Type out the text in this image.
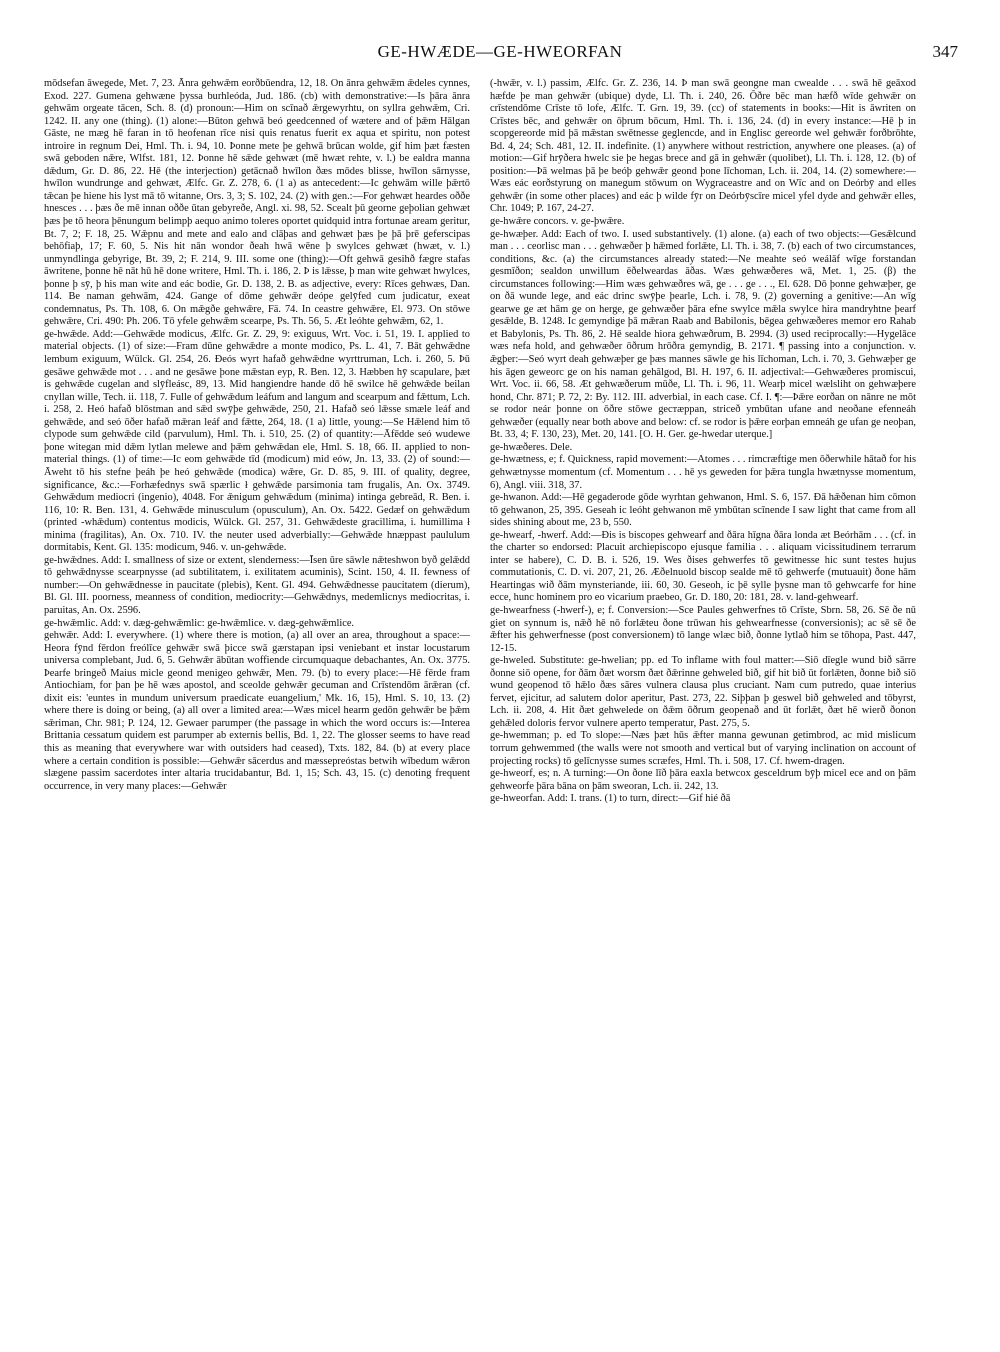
GE-HWÆDE—GE-HWEORFAN	347

mōdsefan āwegede, Met. 7, 23. Ānra gehwǣm eorðbūendra, 12, 18. On ānra gehwǣm ǣdeles cynnes, Exod. 227. Gumena gehwæne þyssa burhleóda, Jud. 186. (cb) with demonstrative:—Is þāra ānra gehwām orgeate tācen, Sch. 8. (d) pronoun:—Him on scīnað ǣrgewyrhtu, on syllra gehwǣm, Cri. 1242. II. any one (thing). (1) alone:—Būton gehwā beó geedcenned of wætere and of þǣm Hālgan Gāste, ne mæg hē faran in tō heofenan rīce nisi quis renatus fuerit ex aqua et spiritu, non potest introire in regnum Dei, Hml. Th. i. 94, 10. Þonne mete þe gehwā brūcan wolde, gif him þæt fæsten swā geboden nǣre, Wlfst. 181, 12. Þonne hē sǣde gehwæt (mē hwæt rehte, v. l.) be ealdra manna dǣdum, Gr. D. 86, 22. Hē (the interjection) getācnað hwīlon ðæs mōdes blisse, hwīlon sārnysse, hwīlon wundrunge and gehwæt, Ælfc. Gr. Z. 278, 6. (1 a) as antecedent:—Ic gehwām wille þǣrtō tǣcan þe hiene his lyst mā tō witanne, Ors. 3, 3; S. 102, 24. (2) with gen.:—For gehwæt heardes oððe hnesces . . . þæs ðe mē innan oððe ūtan gebyreðe, Angl. xi. 98, 52. Scealt þū georne geþolian gehwæt þæs þe tō heora þēnungum belimpþ aequo animo toleres oportet quidquid intra fortunae aream geritur, Bt. 7, 2; F. 18, 25. Wǣpnu and mete and ealo and clāþas and gehwæt þæs þe þā þrē geferscipas behōfiaþ, 17; F. 60, 5. Nis hit nān wondor ðeah hwā wēne þ swylces gehwæt (hwæt, v. l.) unmyndlinga gebyrige, Bt. 39, 2; F. 214, 9. III. some one (thing):—Oft gehwā gesihð fægre stafas āwritene, þonne hē nāt hū hē done writere, Hml. Th. i. 186, 2. Þ is lǣsse, þ man wite gehwæt hwylces, þonne þ sȳ, þ his man wite and eác bodie, Gr. D. 138, 2. B. as adjective, every: Rīces gehwæs, Dan. 114. Be naman gehwām, 424. Gange of dōme gehwǣr deópe gelȳfed cum judicatur, exeat condemnatus, Ps. Th. 108, 6. On mǣgðe gehwǣre, Fä. 74. In ceastre gehwǣre, El. 973. On stōwe gehwǣre, Cri. 490: Ph. 206. Tō yfele gehwǣm scearpe, Ps. Th. 56, 5. Æt leóhte gehwǣm, 62, 1.

ge-hwǣde. Add:—Gehwǣde modicus, Ælfc. Gr. Z. 29, 9: exiguus, Wrt. Voc. i. 51, 19. I. applied to material objects. (1) of size:—Fram dūne gehwǣdre a monte modico, Ps. L. 41, 7. Bāt gehwǣdne lembum exiguum, Wülck. Gl. 254, 26. Ðeós wyrt hafað gehwǣdne wyrttruman, Lch. i. 260, 5. Þū gesāwe gehwǣde mot . . . and ne gesāwe þone mǣstan eyp, R. Ben. 12, 3. Hæbben hȳ scapulare, þæt is gehwǣde cugelan and slȳfleásc, 89, 13. Mid hangiendre hande dō hē swilce hē gehwǣde beilan cnyllan wille, Tech. ii. 118, 7. Fulle of gehwǣdum leáfum and langum and scearpum and fǣttum, Lch. i. 258, 2. Heó hafað blōstman and sǣd swȳþe gehwǣde, 250, 21. Hafað seó lǣsse smæle leáf and gehwǣde, and seó ōðer hafað mǣran leáf and fǣtte, 264, 18. (1 a) little, young:—Se Hǣlend him tō clypode sum gehwǣde cild (parvulum), Hml. Th. i. 510, 25. (2) of quantity:—Āfēdde seó wudewe þone witegan mid dǣm lytlan melewe and þǣm gehwǣdan ele, Hml. S. 18, 66. II. applied to non-material things. (1) of time:—Ic eom gehwǣde tīd (modicum) mid eów, Jn. 13, 33. (2) of sound:—Āweht tō his stefne þeáh þe heó gehwǣde (modica) wǣre, Gr. D. 85, 9. III. of quality, degree, significance, &c.:—Forhæfednys swā spærlic ł gehwǣde parsimonia tam frugalis, An. Ox. 3749. Gehwǣdum mediocri (ingenio), 4048. For ǣnigum gehwǣdum (minima) intinga gebreād, R. Ben. i. 116, 10: R. Ben. 131, 4. Gehwǣde minusculum (opusculum), An. Ox. 5422. Gedæf on gehwǣdum (printed -whǣdum) contentus modicis, Wülck. Gl. 257, 31. Gehwǣdeste gracillima, i. humillima ł minima (fragilitas), An. Ox. 710. IV. the neuter used adverbially:—Gehwǣde hnæppast paululum dormitabis, Kent. Gl. 135: modicum, 946. v. un-gehwǣde.

ge-hwǣdnes. Add: I. smallness of size or extent, slenderness:—Īsen ūre sāwle nǣteshwon byð gelǣdd tō gehwǣdnysse scearpnysse (ad subtilitatem, i. exilitatem acuminis), Scint. 150, 4. II. fewness of number:—On gehwǣdnesse in paucitate (plebis), Kent. Gl. 494. Gehwǣdnesse paucitatem (dierum), Bl. Gl. III. poorness, meanness of condition, mediocrity:—Gehwǣdnys, medemlicnys mediocritas, i. paruitas, An. Ox. 2596.

ge-hwǣmlic. Add: v. dæg-gehwǣmlic: ge-hwǣmlice. v. dæg-gehwǣmlice.

gehwǣr. Add: I. everywhere. (1) where there is motion, (a) all over an area, throughout a space:—Heora fȳnd fērdon freólīce gehwǣr swā þicce swā gærstapan ipsi veniebant et instar locustarum universa complebant, Jud. 6, 5. Gehwǣr ābūtan woffiende circumquaque debachantes, An. Ox. 3775. Þearfe bringeð Maius micle geond menigeo gehwǣr, Men. 79. (b) to every place:—Hē fērde fram Antiochiam, for þan þe hē wæs apostol, and sceolde gehwǣr gecuman and Crīstendōm ārǣran (cf. dixit eis: 'euntes in mundum universum praedicate euangelium,' Mk. 16, 15), Hml. S. 10, 13. (2) where there is doing or being, (a) all over a limited area:—Wæs micel hearm gedōn gehwǣr be þǣm sǣriman, Chr. 981; P. 124, 12. Gewaer parumper (the passage in which the word occurs is:—Interea Brittania cessatum quidem est parumper ab externis bellis, Bd. 1, 22. The glosser seems to have read this as meaning that everywhere war with outsiders had ceased), Txts. 182, 84. (b) at every place where a certain condition is possible:—Gehwǣr sācerdus and mæssepreóstas betwih wībedum wǣron slægene passim sacerdotes inter altaria trucidabantur, Bd. 1, 15; Sch. 43, 15. (c) denoting frequent occurrence, in very many places:—Gehwǣr

(-hwǣr, v. l.) passim, Ælfc. Gr. Z. 236, 14. Þ man swā geongne man cwealde . . . swā hē geāxod hæfde þe man gehwǣr (ubique) dyde, Ll. Th. i. 240, 26. Ōðre bēc man hæfð wīde gehwǣr on crīstendōme Crīste tō lofe, Ælfc. T. Grn. 19, 39. (cc) of statements in books:—Hit is āwriten on Crīstes bēc, and gehwǣr on ōþrum bōcum, Hml. Th. i. 136, 24. (d) in every instance:—Hē þ in scopgereorde mid þā mǣstan swētnesse geglencde, and in Englisc gereorde wel gehwǣr forðbrōhte, Bd. 4, 24; Sch. 481, 12. II. indefinite. (1) anywhere without restriction, anywhere one pleases. (a) of motion:—Gif hrȳðera hwelc sie þe hegas brece and gā in gehwǣr (quolibet), Ll. Th. i. 128, 12. (b) of position:—Þā welmas þā þe beóþ gehwǣr geond þone līchoman, Lch. ii. 204, 14. (2) somewhere:—Wæs eác eorðstyrung on manegum stōwum on Wygraceastre and on Wīc and on Deórbȳ and elles gehwǣr (in some other places) and eác þ wilde fȳr on Deórbȳscīre micel yfel dyde and gehwǣr elles, Chr. 1049; P. 167, 24-27.

ge-hwǣre concors. v. ge-þwǣre.

ge-hwæþer. Add: Each of two. I. used substantively. (1) alone. (a) each of two objects:—Gesǣlcund man . . . ceorlisc man . . . gehwæðer þ hǣmed forlǣte, Ll. Th. i. 38, 7. (b) each of two circumstances, conditions, &c. (a) the circumstances already stated:—Ne meahte seó weálāf wīge forstandan gesmīðon; sealdon unwillum ēðelweardas āðas. Wæs gehwæðeres wā, Met. 1, 25. (β) the circumstances following:—Him wæs gehwæðres wā, ge . . . ge . . ., El. 628. Dō þonne gehwæþer, ge on ðā wunde lege, and eác drinc swȳþe þearle, Lch. i. 78, 9. (2) governing a genitive:—An wīg gearwe ge æt hām ge on herge, ge gehwæðer þāra efne swylce mǣla swylce hira mandryhtne þearf gesǣlde, B. 1248. Ic gemyndige þā mǣran Raab and Babilonis, bēgea gehwæðeres memor ero Rahab et Babylonis, Ps. Th. 86, 2. Hē sealde hiora gehwæðrum, B. 2994. (3) used reciprocally:—Hygelāce wæs nefa hold, and gehwæðer ōðrum hrōðra gemyndig, B. 2171. ¶ passing into a conjunction. v. ǣgþer:—Seó wyrt deah gehwæþer ge þæs mannes sāwle ge his līchoman, Lch. i. 70, 3. Gehwæþer ge his āgen geweorc ge on his naman gehālgod, Bl. H. 197, 6. II. adjectival:—Gehwæðeres promiscui, Wrt. Voc. ii. 66, 58. Æt gehwæðerum mūðe, Ll. Th. i. 96, 11. Wearþ micel wælsliht on gehwæþere hond, Chr. 871; P. 72, 2: By. 112. III. adverbial, in each case. Cf. I. ¶:—Þǣre eorðan on nānre ne mōt se rodor neár þonne on ōðre stōwe geстæppan, striceð ymbūtan ufane and neoðane efenneáh gehwæðer (equally near both above and below: cf. se rodor is þǣre eorþan emneáh ge ufan ge neoþan, Bt. 33, 4; F. 130, 23), Met. 20, 141. [O. H. Ger. ge-hwedar uterque.]

ge-hwæðeres. Dele.

ge-hwætness, e; f. Quickness, rapid movement:—Atomes . . . rimcræftige men ōðerwhile hātað for his gehwætnysse momentum (cf. Momentum . . . hē ys geweden for þǣra tungla hwætnysse momentum, 6), Angl. viii. 318, 37.

ge-hwanon. Add:—Hē gegaderode gōde wyrhtan gehwanon, Hml. S. 6, 157. Ðā hǣðenan him cōmon tō gehwanon, 25, 395. Geseah ic leóht gehwanon mē ymbūtan scīnende I saw light that came from all sides shining about me, 23 b, 550.

ge-hwearf, -hwerf. Add:—Ðis is biscopes gehwearf and ðāra hīgna ðāra londa æt Beórhām . . . (cf. in the charter so endorsed: Placuit archiepiscopo ejusque familia . . . aliquam vicissitudinem terrarum inter se habere), C. D. B. i. 526, 19. Wes ðises gehwerfes tō gewitnesse hic sunt testes hujus commutationis, C. D. vi. 207, 21, 26. Æðelnuold biscop sealde mē tō gehwerfe (mutuauit) ðone hām Heartingas wið ðām mynsteriande, iii. 60, 30. Geseoh, ic þē sylle þysne man tō gehwcarfe for hine ecce, hunc hominem pro eo vicarium praebeo, Gr. D. 180, 20: 181, 28. v. land-gehwearf.

ge-hwearfness (-hwerf-), e; f. Conversion:—Sce Paules gehwerfnes tō Crīste, Sbrn. 58, 26. Sē ðe nū giet on synnum is, nǣð hē nō forlǣteu ðone trūwan his gehwearfnesse (conversionis); ac sē sē ðe ǣfter his gehwerfnesse (post conversionem) tō lange wlæc bið, ðonne lytlað him se tōhopa, Past. 447, 12-15.

ge-hweled. Substitute: ge-hwelian; pp. ed To inflame with foul matter:—Siō dīegle wund bið sārre ðonne siō opene, for ðām ðæt worsm ðæt ðǣrinne gehweled bið, gif hit bið ūt forlǣten, ðonne bið siō wund geopenod tō hǣlo ðæs sāres vulnera clausa plus cruciant. Nam cum putredo, quae interius fervet, ejicitur, ad salutem dolor aperitur, Past. 273, 22. Siþþan þ geswel bið gehweled and tōbyrst, Lch. ii. 208, 4. Hit ðæt gehwelede on ðǣm ōðrum geopenað and ūt forlǣt, ðæt hē wierð ðonon gehǣled doloris fervor vulnere aperto temperatur, Past. 275, 5.

ge-hwemman; p. ed To slope:—Næs þæt hūs ǣfter manna gewunan getimbrod, ac mid mislicum torrum gehwemmed (the walls were not smooth and vertical but of varying inclination on account of projecting rocks) tō gelīcnysse sumes scræfes, Hml. Th. i. 508, 17. Cf. hwem-dragen.

ge-hweorf, es; n. A turning:—On ðone līð þāra eaxla betwcox gesceldrum bȳþ micel ece and on þām gehweorfe þāra bāna on þām sweoran, Lch. ii. 242, 13.

ge-hweorfan. Add: I. trans. (1) to turn, direct:—Gif hié ðā
